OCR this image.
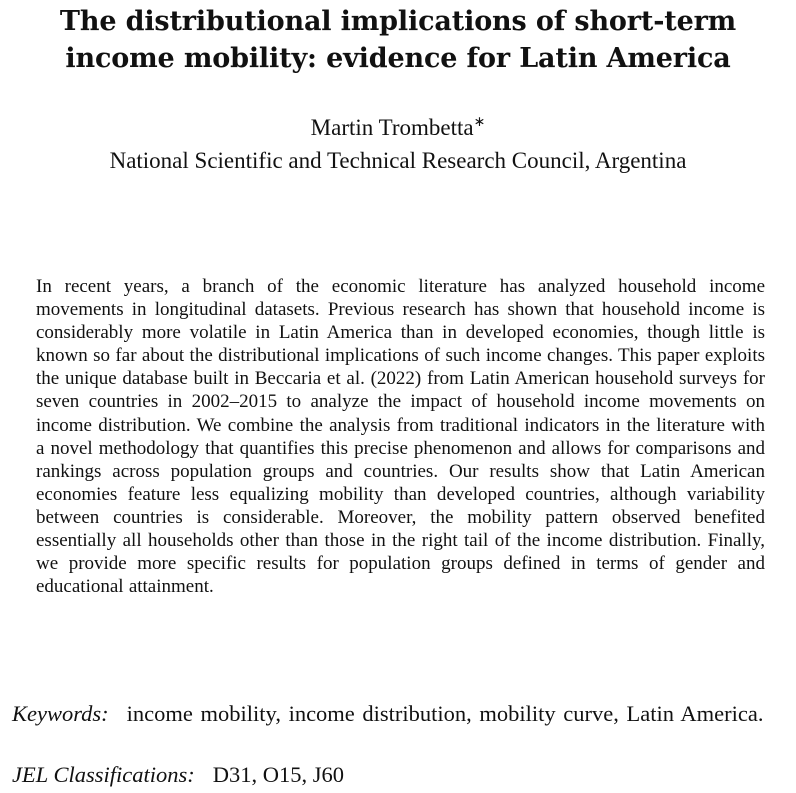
The distributional implications of short-term
income mobility: evidence for Latin America
Martin Trombetta∗
National Scientific and Technical Research Council, Argentina

In recent years, a branch of the economic literature has analyzed household income movements in longitudinal datasets. Previous research has shown that household income is considerably more volatile in Latin America than in developed economies, though little is known so far about the distributional implications of such income changes. This paper exploits the unique database built in Beccaria et al. (2022) from Latin American household surveys for seven countries in 2002–2015 to analyze the impact of household income movements on income distribution. We combine the analysis from traditional indicators in the literature with a novel methodology that quantifies this precise phenomenon and allows for comparisons and rankings across population groups and countries. Our results show that Latin American economies feature less equalizing mobility than developed countries, although variability between countries is considerable. Moreover, the mobility pattern observed benefited essentially all households other than those in the right tail of the income distribution. Finally, we provide more specific results for population groups defined in terms of gender and educational attainment.

Keywords: income mobility, income distribution, mobility curve, Latin America.

JEL Classifications: D31, O15, J60
